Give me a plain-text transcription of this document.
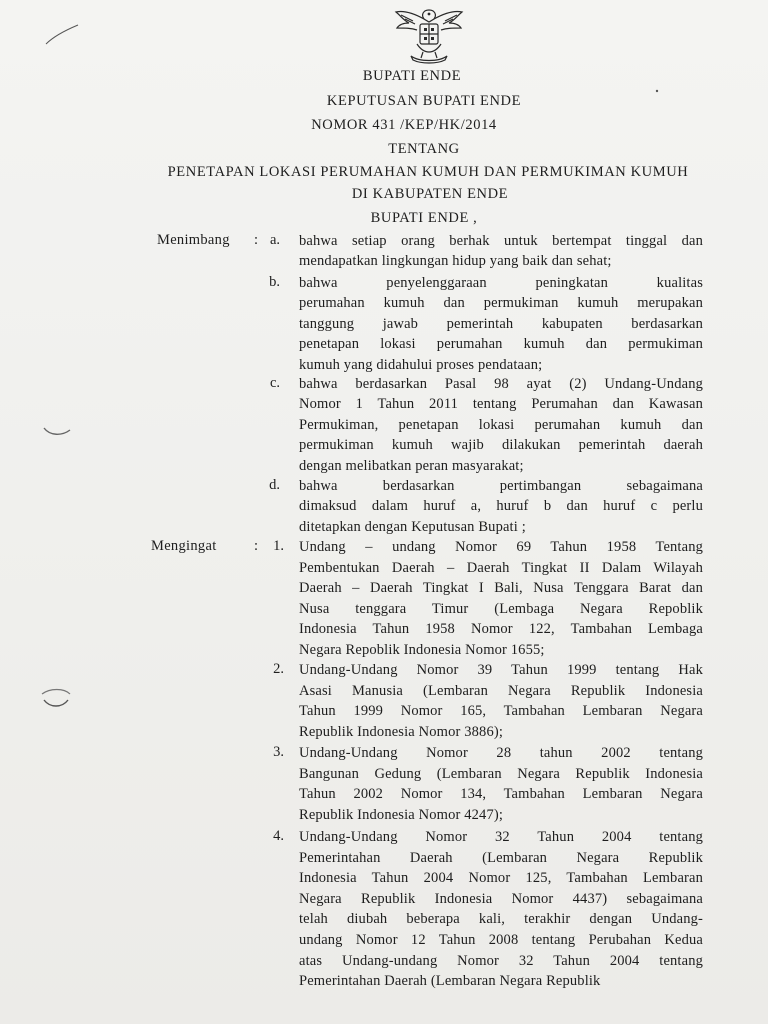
BUPATI ENDE
KEPUTUSAN BUPATI ENDE
NOMOR 431 /KEP/HK/2014
TENTANG
PENETAPAN LOKASI PERUMAHAN KUMUH DAN PERMUKIMAN KUMUH
DI KABUPATEN ENDE
BUPATI ENDE ,
Menimbang : a. bahwa setiap orang berhak untuk bertempat tinggal dan
mendapatkan lingkungan hidup yang baik dan sehat;
b. bahwa penyelenggaraan peningkatan kualitas
perumahan kumuh dan permukiman kumuh merupakan
tanggung jawab pemerintah kabupaten berdasarkan
penetapan lokasi perumahan kumuh dan permukiman
kumuh yang didahului proses pendataan;
c. bahwa berdasarkan Pasal 98 ayat (2) Undang-Undang
Nomor 1 Tahun 2011 tentang Perumahan dan Kawasan
Permukiman, penetapan lokasi perumahan kumuh dan
permukiman kumuh wajib dilakukan pemerintah daerah
dengan melibatkan peran masyarakat;
d. bahwa berdasarkan pertimbangan sebagaimana
dimaksud dalam huruf a, huruf b dan huruf c perlu
ditetapkan dengan Keputusan Bupati ;
Mengingat	:	1. Undang – undang Nomor 69 Tahun 1958 Tentang
Pembentukan Daerah – Daerah Tingkat II Dalam Wilayah
Daerah – Daerah Tingkat I Bali, Nusa Tenggara Barat dan
Nusa tenggara Timur (Lembaga Negara Repoblik
Indonesia Tahun 1958 Nomor 122, Tambahan Lembaga
Negara Repoblik Indonesia Nomor 1655;
2. Undang-Undang Nomor 39 Tahun 1999 tentang Hak
Asasi Manusia (Lembaran Negara Republik Indonesia
Tahun 1999 Nomor 165, Tambahan Lembaran Negara
Republik Indonesia Nomor 3886);
3. Undang-Undang Nomor 28 tahun 2002 tentang
Bangunan Gedung (Lembaran Negara Republik Indonesia
Tahun 2002 Nomor 134, Tambahan Lembaran Negara
Republik Indonesia Nomor 4247);
4. Undang-Undang Nomor 32 Tahun 2004 tentang
Pemerintahan Daerah (Lembaran Negara Republik
Indonesia Tahun 2004 Nomor 125, Tambahan Lembaran
Negara Republik Indonesia Nomor 4437) sebagaimana
telah diubah beberapa kali, terakhir dengan Undang-
undang Nomor 12 Tahun 2008 tentang Perubahan Kedua
atas Undang-undang Nomor 32 Tahun 2004 tentang
Pemerintahan Daerah (Lembaran Negara Republik
